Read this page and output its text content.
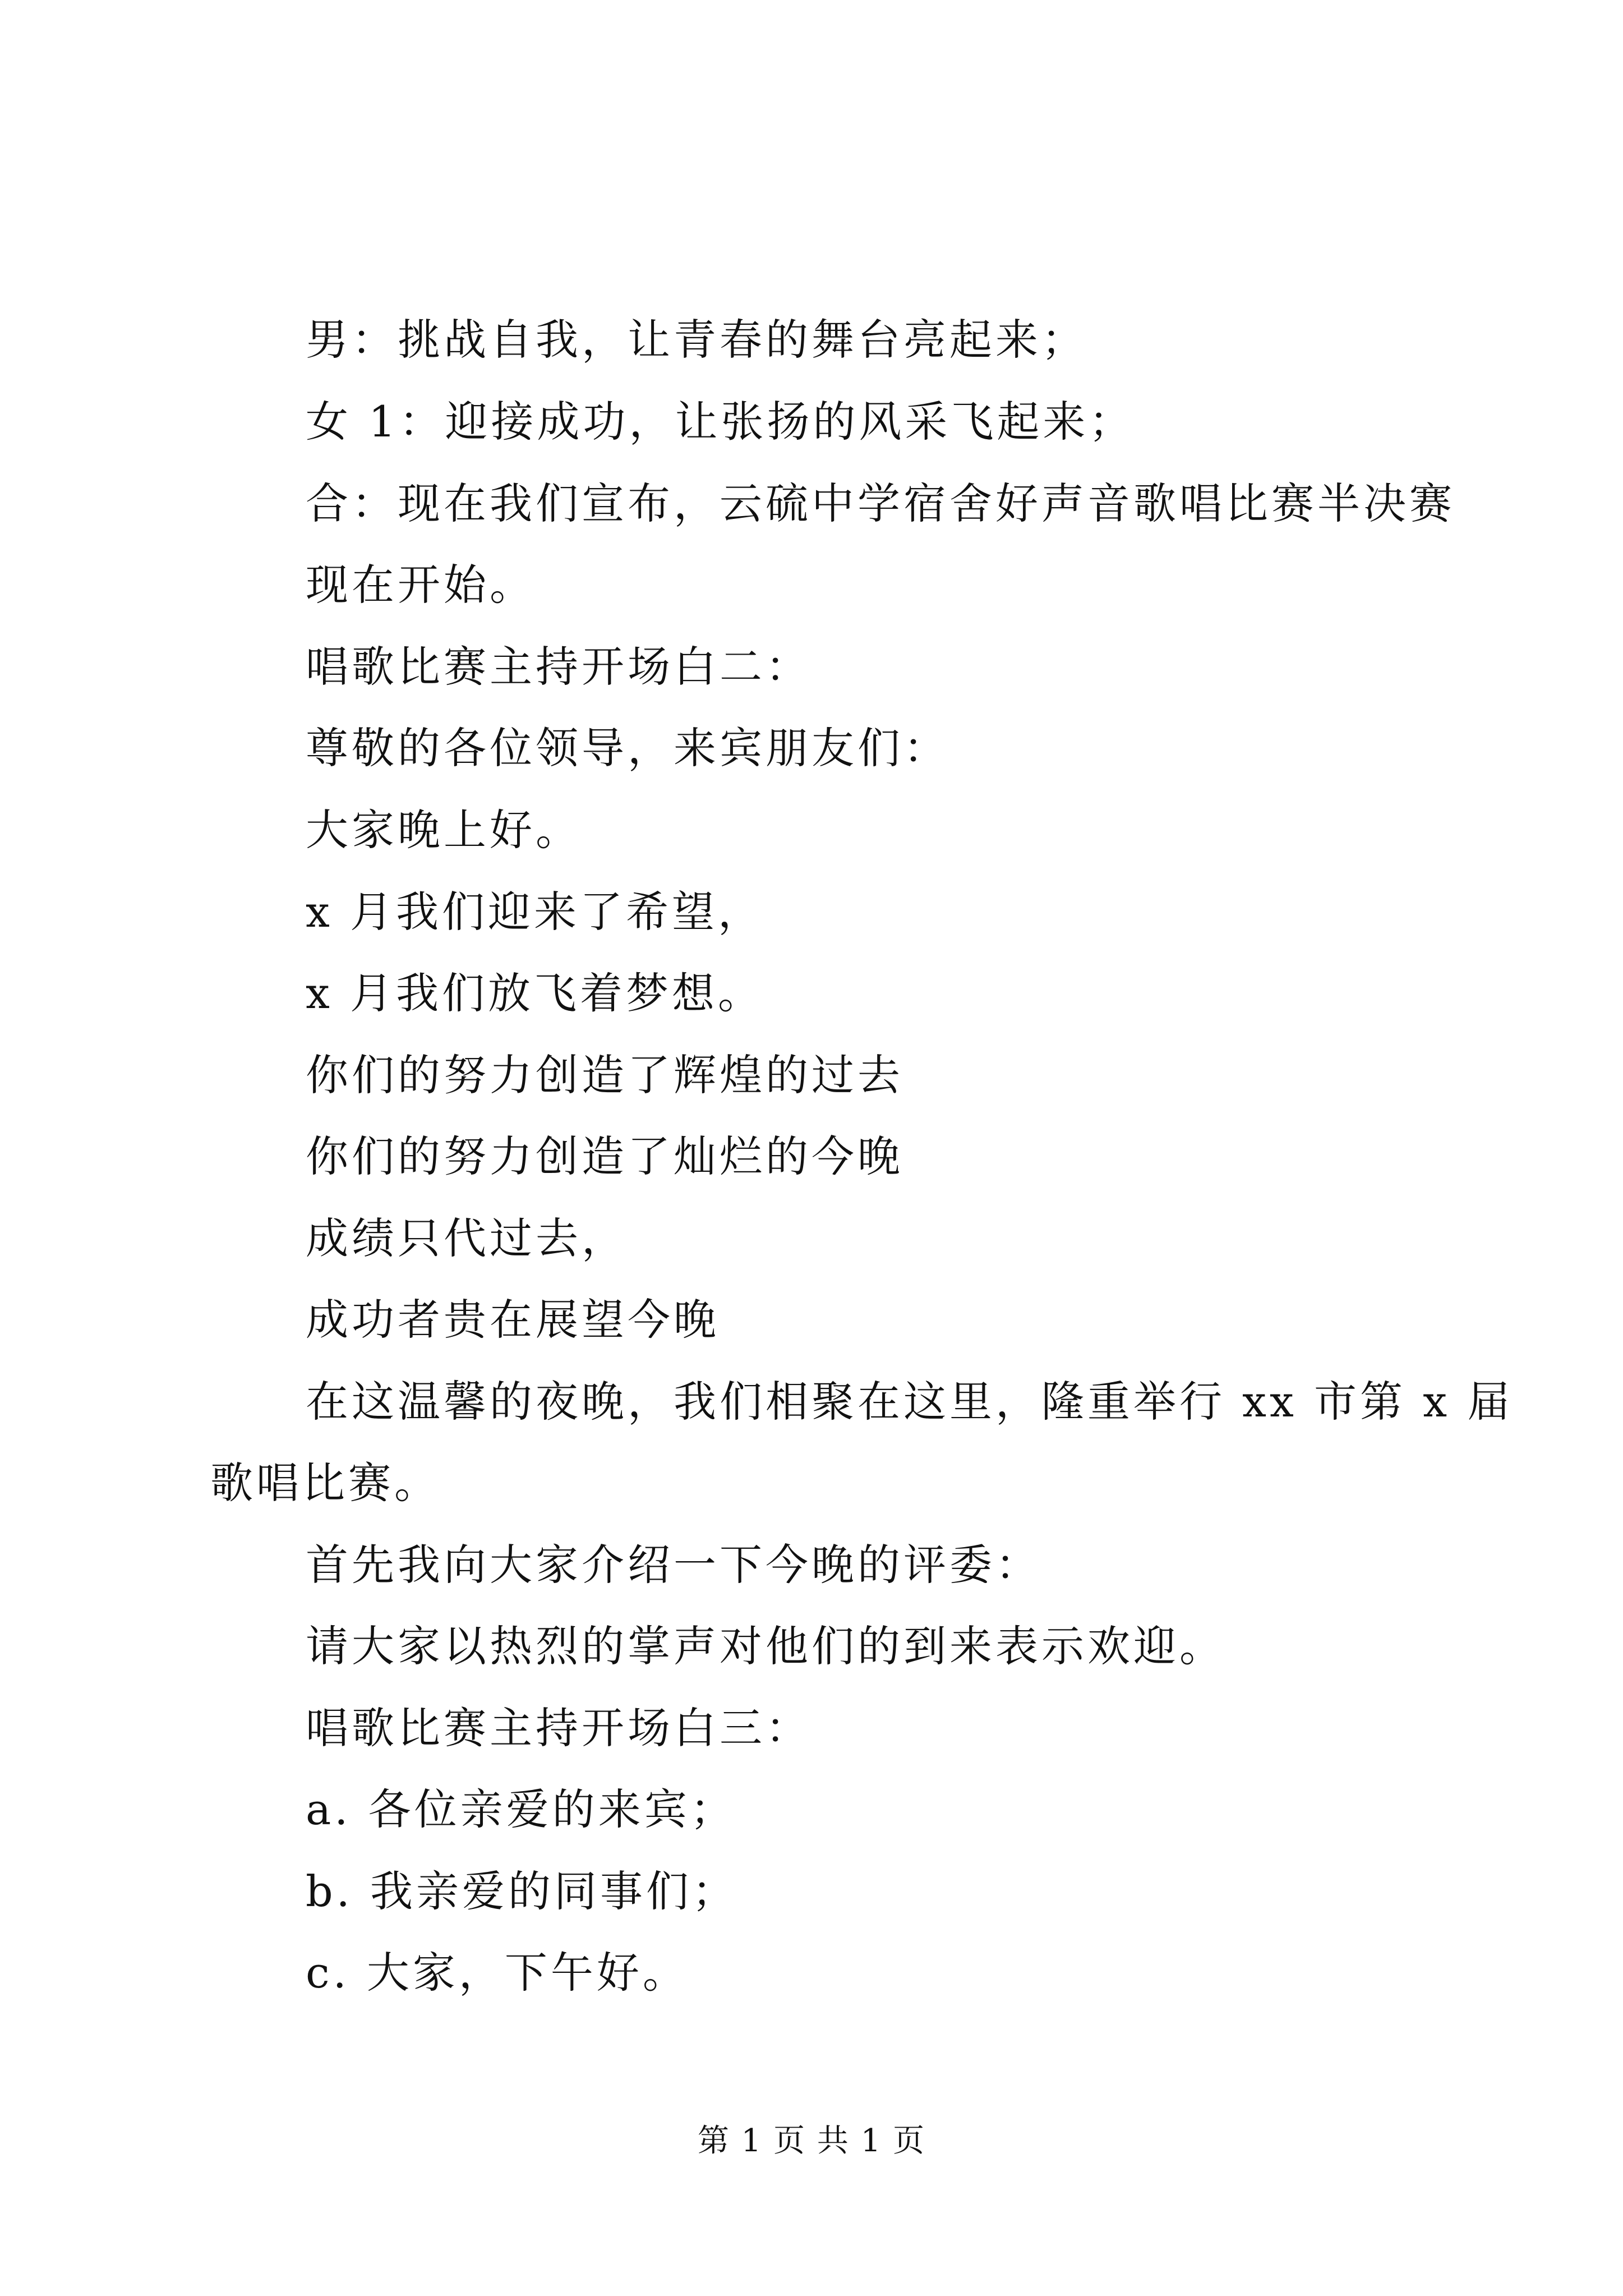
男：挑战自我，让青春的舞台亮起来；
女 1：迎接成功，让张扬的风采飞起来；
合：现在我们宣布，云硫中学宿舍好声音歌唱比赛半决赛
现在开始。
唱歌比赛主持开场白二：
尊敬的各位领导，来宾朋友们：
大家晚上好。
x 月我们迎来了希望，
x 月我们放飞着梦想。
你们的努力创造了辉煌的过去
你们的努力创造了灿烂的今晚
成绩只代过去，
成功者贵在展望今晚
在这温馨的夜晚，我们相聚在这里，隆重举行 xx 市第 x 届
歌唱比赛。
首先我向大家介绍一下今晚的评委：
请大家以热烈的掌声对他们的到来表示欢迎。
唱歌比赛主持开场白三：
a. 各位亲爱的来宾；
b. 我亲爱的同事们；
c. 大家，下午好。
第 1 页 共 1 页
